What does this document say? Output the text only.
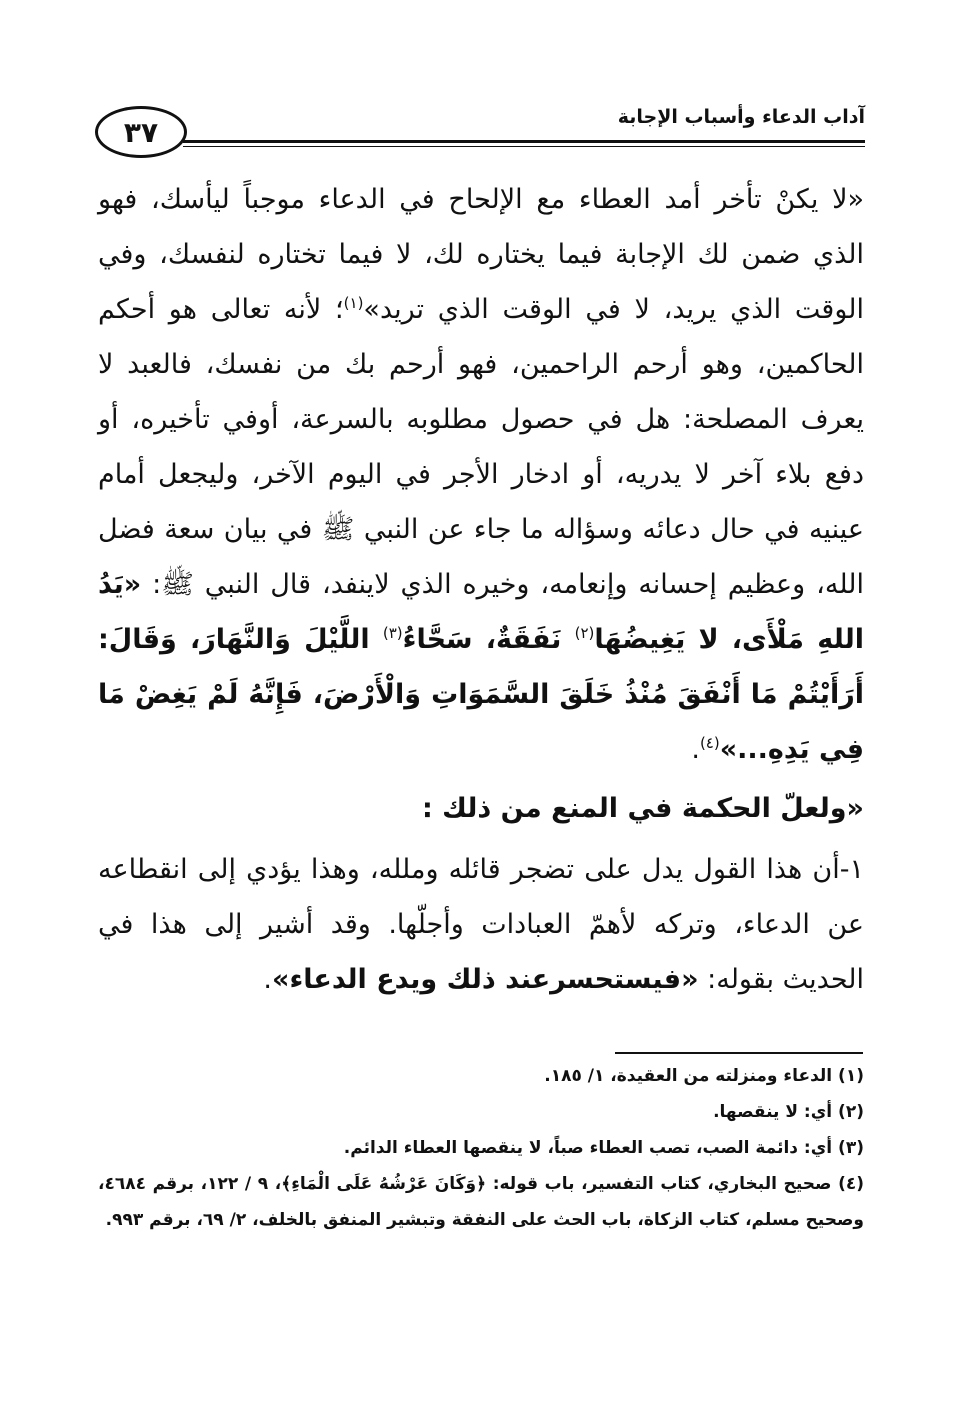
٣٧	آداب الدعاء وأسباب الإجابة

«لا يكنْ تأخر أمد العطاء مع الإلحاح في الدعاء موجباً ليأسك، فهو الذي ضمن لك الإجابة فيما يختاره لك، لا فيما تختاره لنفسك، وفي الوقت الذي يريد، لا في الوقت الذي تريد»$^{(١)}$؛ لأنه تعالى هو أحكم الحاكمين، وهو أرحم الراحمين، فهو أرحم بك من نفسك، فالعبد لا يعرف المصلحة: هل في حصول مطلوبه بالسرعة، أوفي تأخيره، أو دفع بلاء آخر لا يدريه، أو ادخار الأجر في اليوم الآخر، وليجعل أمام عينيه في حال دعائه وسؤاله ما جاء عن النبي ﷺ في بيان سعة فضل الله، وعظيم إحسانه وإنعامه، وخيره الذي لاينفد، قال النبي ﷺ: «يَدُ اللهِ مَلْأَى، لا يَغِيضُهَا$^{(٢)}$ نَفَقَةٌ، سَحَّاءُ$^{(٣)}$ اللَّيْلَ وَالنَّهَارَ، وَقَالَ: أَرَأَيْتُمْ مَا أَنْفَقَ مُنْذُ خَلَقَ السَّمَوَاتِ وَالْأَرْضَ، فَإِنَّهُ لَمْ يَغِضْ مَا فِي يَدِهِ...»$^{(٤)}$.

«ولعلّ الحكمة في المنع من ذلك :

١-أن هذا القول يدل على تضجر قائله وملله، وهذا يؤدي إلى انقطاعه عن الدعاء، وتركه لأهمّ العبادات وأجلّها. وقد أشير إلى هذا في الحديث بقوله: «فيستحسرعند ذلك ويدع الدعاء».

(١) الدعاء ومنزلته من العقيدة، ١/ ١٨٥.

(٢) أي: لا ينقصها.

(٣) أي: دائمة الصب، تصب العطاء صباً، لا ينقصها العطاء الدائم.

(٤) صحيح البخاري، كتاب التفسير، باب قوله: ﴿وَكَانَ عَرْشُهُ عَلَى الْمَاءِ﴾، ٩ / ١٢٢، برقم ٤٦٨٤، وصحيح مسلم، كتاب الزكاة، باب الحث على النفقة وتبشير المنفق بالخلف، ٢/ ٦٩، برقم ٩٩٣.
